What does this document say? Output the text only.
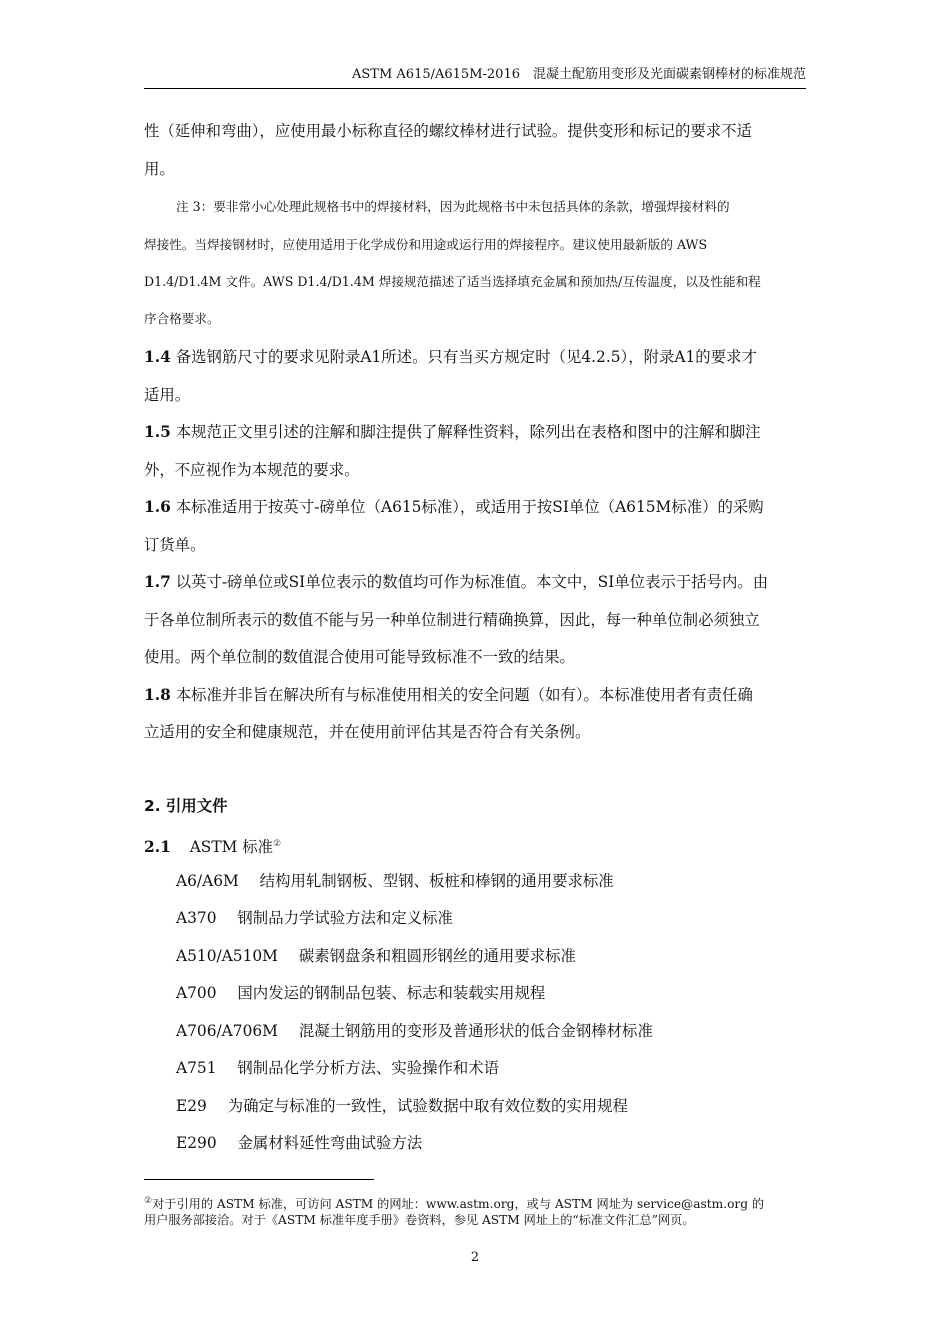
ASTM A615/A615M-2016　混凝土配筋用变形及光面碳素钢棒材的标准规范
性（延伸和弯曲），应使用最小标称直径的螺纹棒材进行试验。提供变形和标记的要求不适
用。
注 3：要非常小心处理此规格书中的焊接材料，因为此规格书中未包括具体的条款，增强焊接材料的
焊接性。当焊接钢材时，应使用适用于化学成份和用途或运行用的焊接程序。建议使用最新版的 AWS
D1.4/D1.4M 文件。AWS D1.4/D1.4M 焊接规范描述了适当选择填充金属和预加热/互传温度，以及性能和程
序合格要求。
1.4 备选钢筋尺寸的要求见附录A1所述。只有当买方规定时（见4.2.5），附录A1的要求才
适用。
1.5 本规范正文里引述的注解和脚注提供了解释性资料，除列出在表格和图中的注解和脚注
外，不应视作为本规范的要求。
1.6 本标准适用于按英寸-磅单位（A615标准），或适用于按SI单位（A615M标准）的采购
订货单。
1.7 以英寸-磅单位或SI单位表示的数值均可作为标准值。本文中，SI单位表示于括号内。由
于各单位制所表示的数值不能与另一种单位制进行精确换算，因此，每一种单位制必须独立
使用。两个单位制的数值混合使用可能导致标准不一致的结果。
1.8 本标准并非旨在解决所有与标准使用相关的安全问题（如有）。本标准使用者有责任确
立适用的安全和健康规范，并在使用前评估其是否符合有关条例。
2. 引用文件
2.1 ASTM 标准②
A6/A6M 结构用轧制钢板、型钢、板桩和棒钢的通用要求标准
A370 钢制品力学试验方法和定义标准
A510/A510M 碳素钢盘条和粗圆形钢丝的通用要求标准
A700 国内发运的钢制品包装、标志和装载实用规程
A706/A706M 混凝土钢筋用的变形及普通形状的低合金钢棒材标准
A751 钢制品化学分析方法、实验操作和术语
E29 为确定与标准的一致性，试验数据中取有效位数的实用规程
E290 金属材料延性弯曲试验方法
②对于引用的 ASTM 标准，可访问 ASTM 的网址：www.astm.org，或与 ASTM 网址为 service@astm.org 的
用户服务部接洽。对于《ASTM 标准年度手册》卷资料，参见 ASTM 网址上的“标准文件汇总”网页。
2
